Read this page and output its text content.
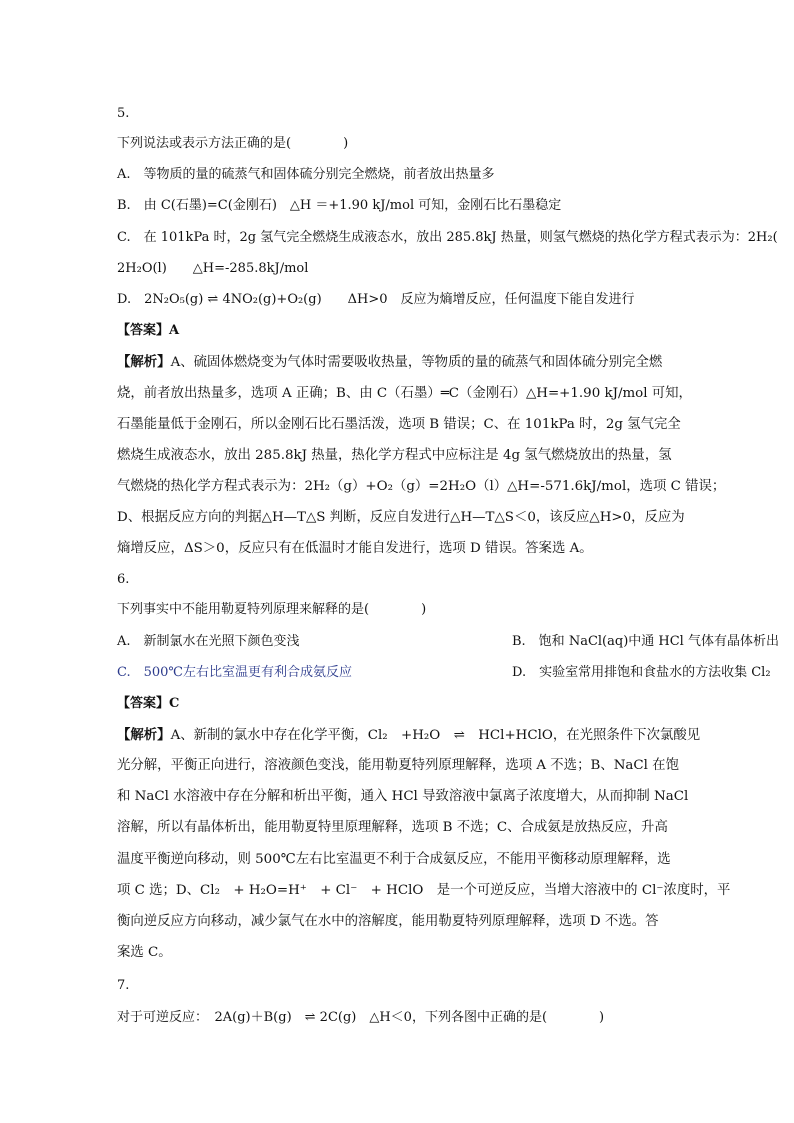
5.
下列说法或表示方法正确的是(　　　　)
A.　等物质的量的硫蒸气和固体硫分别完全燃烧，前者放出热量多
B.　由 C(石墨)=C(金刚石)　△H ＝+1.90 kJ/mol 可知，金刚石比石墨稳定
C.　在 101kPa 时，2g 氢气完全燃烧生成液态水，放出 285.8kJ 热量，则氢气燃烧的热化学方程式表示为：2H₂(
2H₂O(l)　　△H=-285.8kJ/mol
D.　2N₂O₅(g) ⇌ 4NO₂(g)+O₂(g)　　ΔH>0　反应为熵增反应，任何温度下能自发进行
【答案】A
【解析】A、硫固体燃烧变为气体时需要吸收热量，等物质的量的硫蒸气和固体硫分别完全燃
烧，前者放出热量多，选项 A 正确；B、由 C（石墨）═C（金刚石）△H=+1.90 kJ/mol 可知，
石墨能量低于金刚石，所以金刚石比石墨活泼，选项 B 错误；C、在 101kPa 时，2g 氢气完全
燃烧生成液态水，放出 285.8kJ 热量，热化学方程式中应标注是 4g 氢气燃烧放出的热量，氢
气燃烧的热化学方程式表示为：2H₂（g）+O₂（g）=2H₂O（l）△H=-571.6kJ/mol，选项 C 错误；
D、根据反应方向的判据△H—T△S 判断，反应自发进行△H—T△S＜0，该反应△H>0，反应为
熵增反应，ΔS＞0，反应只有在低温时才能自发进行，选项 D 错误。答案选 A。
6.
下列事实中不能用勒夏特列原理来解释的是(　　　　)
A.　新制氯水在光照下颜色变浅	B.　饱和 NaCl(aq)中通 HCl 气体有晶体析出
C.　500℃左右比室温更有利合成氨反应	D.　实验室常用排饱和食盐水的方法收集 Cl₂
【答案】C
【解析】A、新制的氯水中存在化学平衡，Cl₂　+H₂O　⇌　HCl+HClO，在光照条件下次氯酸见
光分解，平衡正向进行，溶液颜色变浅，能用勒夏特列原理解释，选项 A 不选；B、NaCl 在饱
和 NaCl 水溶液中存在分解和析出平衡，通入 HCl 导致溶液中氯离子浓度增大，从而抑制 NaCl
溶解，所以有晶体析出，能用勒夏特里原理解释，选项 B 不选；C、合成氨是放热反应，升高
温度平衡逆向移动，则 500℃左右比室温更不利于合成氨反应，不能用平衡移动原理解释，选
项 C 选；D、Cl₂　+ H₂O=H⁺　+ Cl⁻　+ HClO　是一个可逆反应，当增大溶液中的 Cl⁻浓度时，平
衡向逆反应方向移动，减少氯气在水中的溶解度，能用勒夏特列原理解释，选项 D 不选。答
案选 C。
7.
对于可逆反应：　2A(g)＋B(g)　⇌ 2C(g)　△H＜0，下列各图中正确的是(　　　　)
